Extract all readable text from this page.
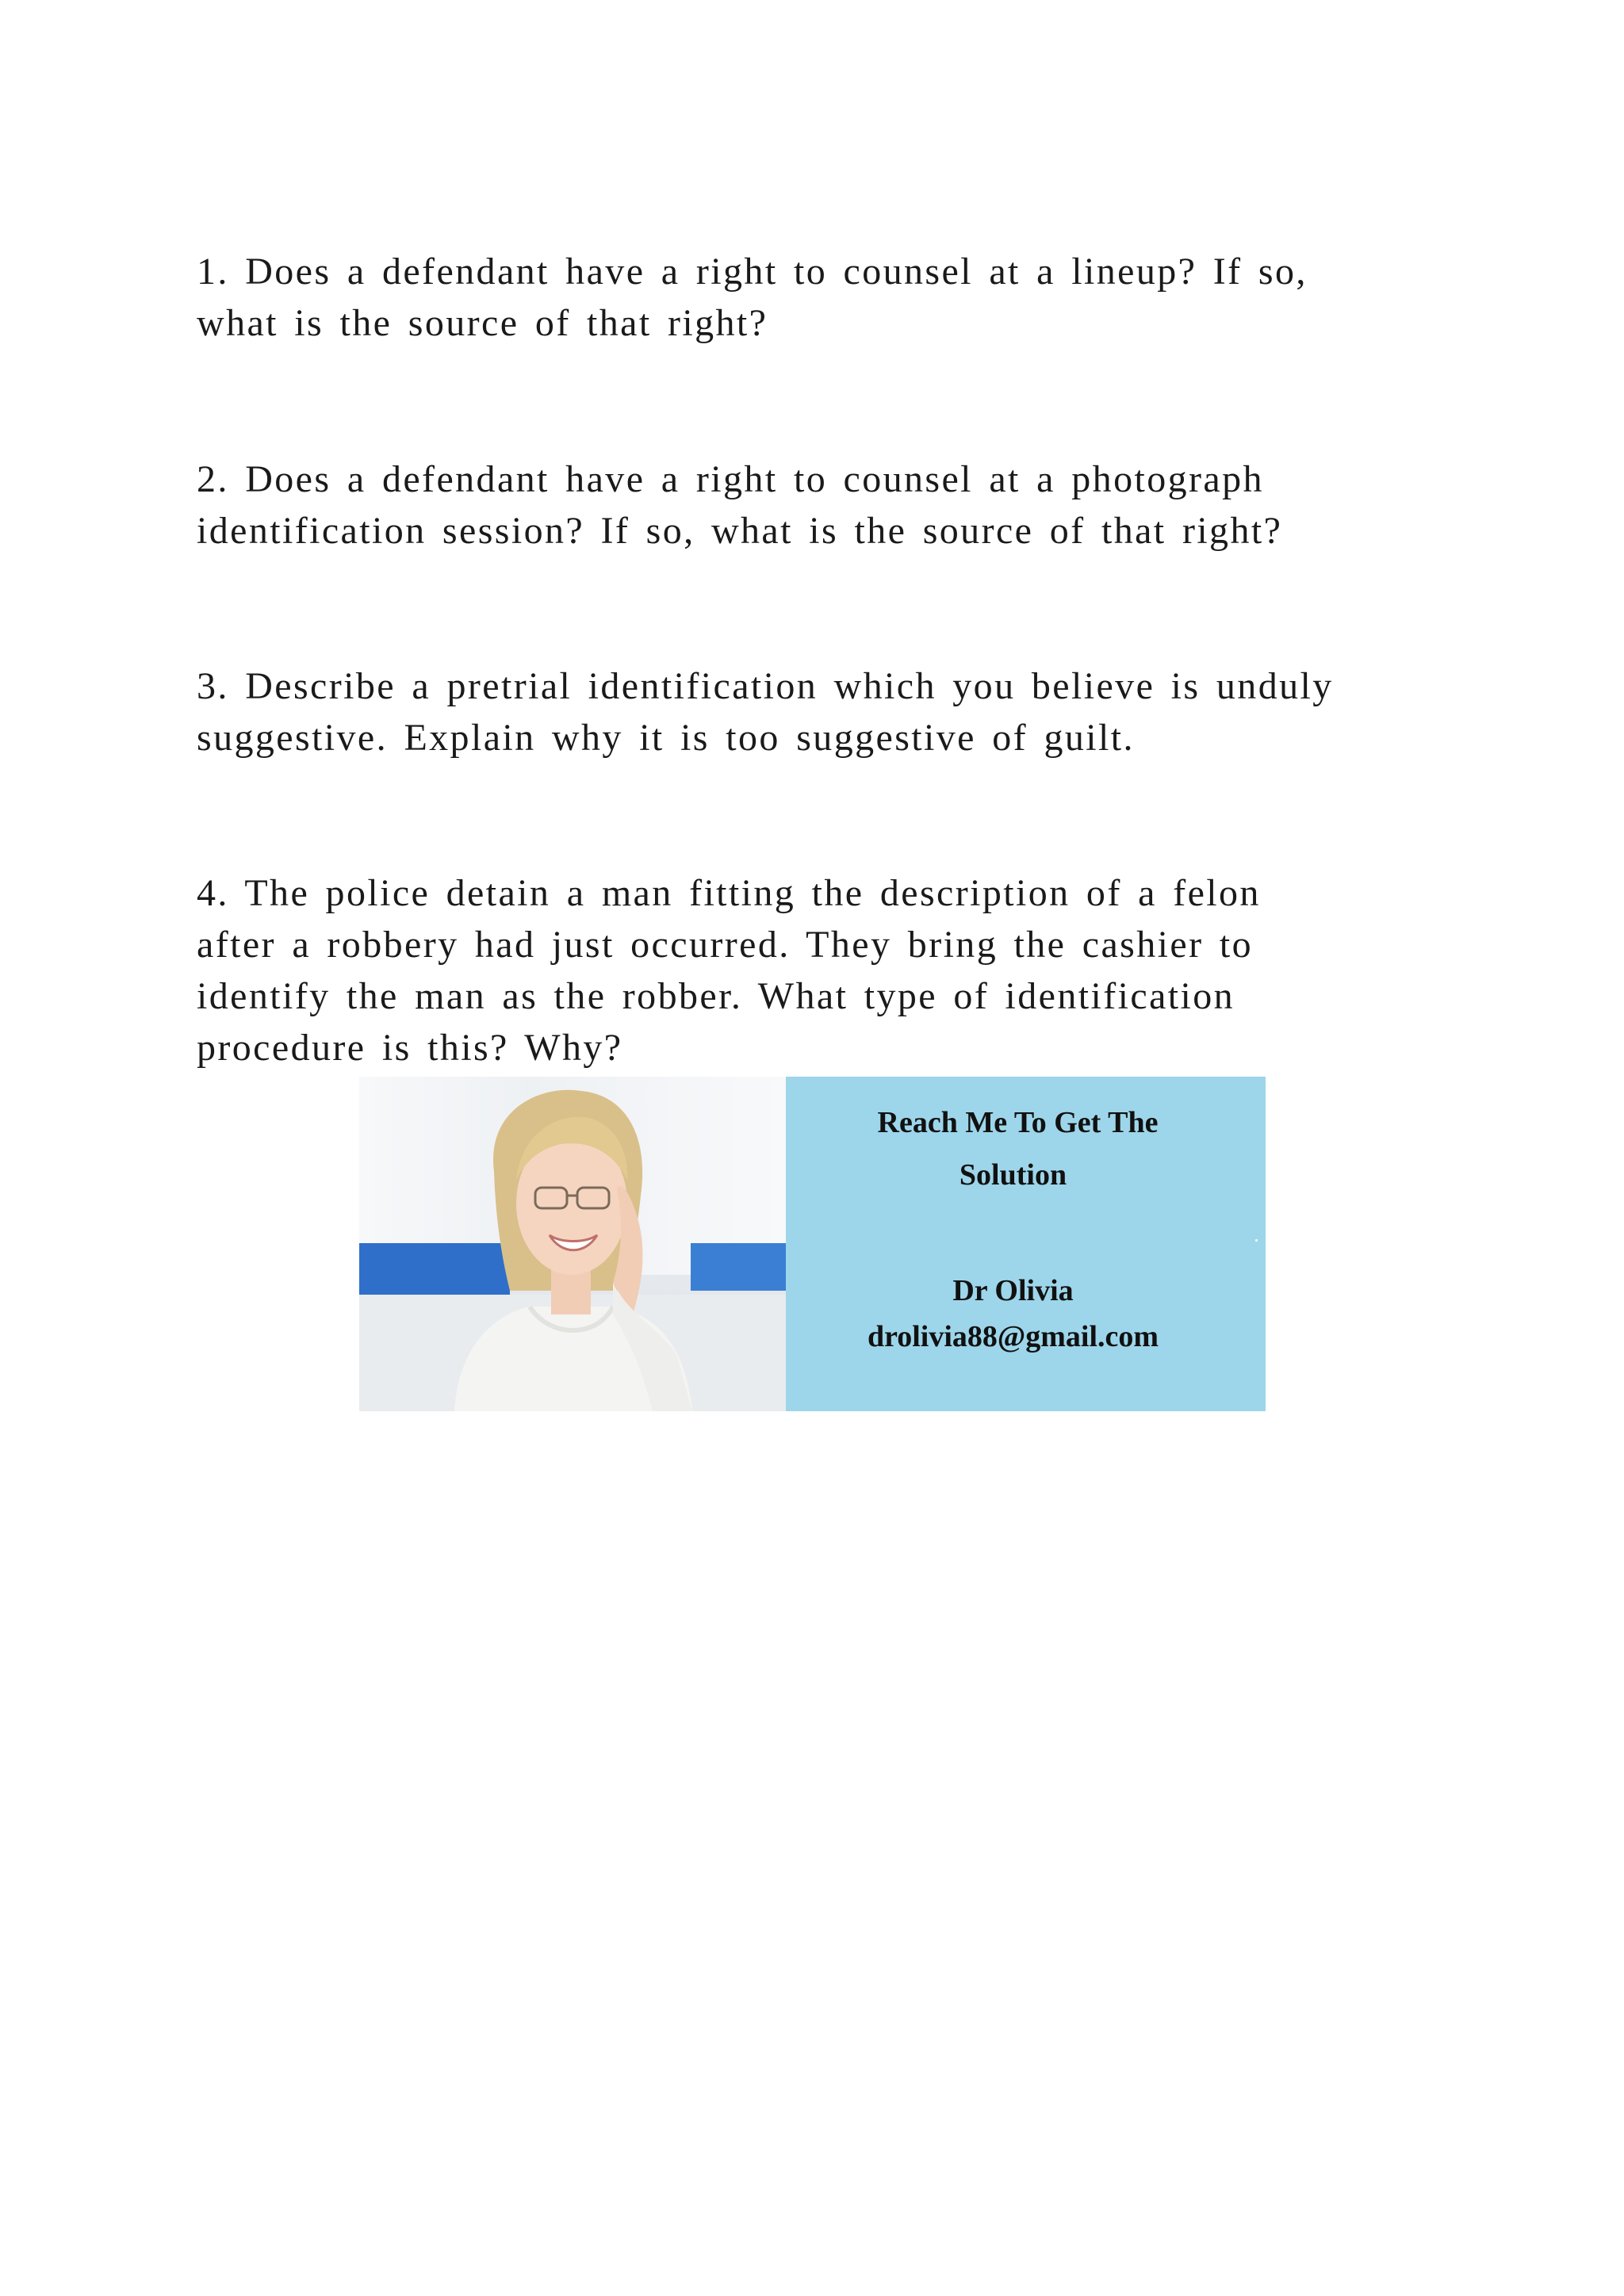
1. Does a defendant have a right to counsel at a lineup? If so,
what is the source of that right?

2. Does a defendant have a right to counsel at a photograph
identification session? If so, what is the source of that right?

3. Describe a pretrial identification which you believe is unduly
suggestive. Explain why it is too suggestive of guilt.

4. The police detain a man fitting the description of a felon
after a robbery had just occurred. They bring the cashier to
identify the man as the robber. What type of identification
procedure is this? Why?

Reach Me To Get The
Solution
Dr Olivia
drolivia88@gmail.com
